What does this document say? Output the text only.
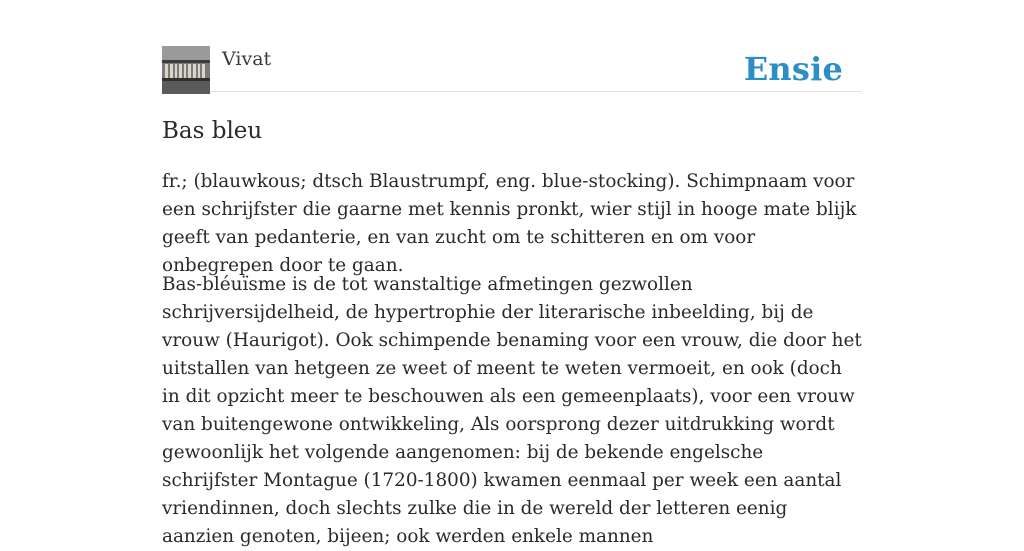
Vivat	Ensie
Bas bleu

fr.; (blauwkous; dtsch Blaustrumpf, eng. blue-stocking). Schimpnaam voor een schrijfster die gaarne met kennis pronkt, wier stijl in hooge mate blijk geeft van pedanterie, en van zucht om te schitteren en om voor onbegrepen door te gaan.

Bas-bléuïsme is de tot wanstaltige afmetingen gezwollen schrijversijdelheid, de hypertrophie der literarische inbeelding, bij de vrouw (Haurigot). Ook schimpende benaming voor een vrouw, die door het uitstallen van hetgeen ze weet of meent te weten vermoeit, en ook (doch in dit opzicht meer te beschouwen als een gemeenplaats), voor een vrouw van buitengewone ontwikkeling, Als oorsprong dezer uitdrukking wordt gewoonlijk het volgende aangenomen: bij de bekende engelsche schrijfster Montague (1720-1800) kwamen eenmaal per week een aantal vriendinnen, doch slechts zulke die in de wereld der letteren eenig aanzien genoten, bijeen; ook werden enkele mannen
